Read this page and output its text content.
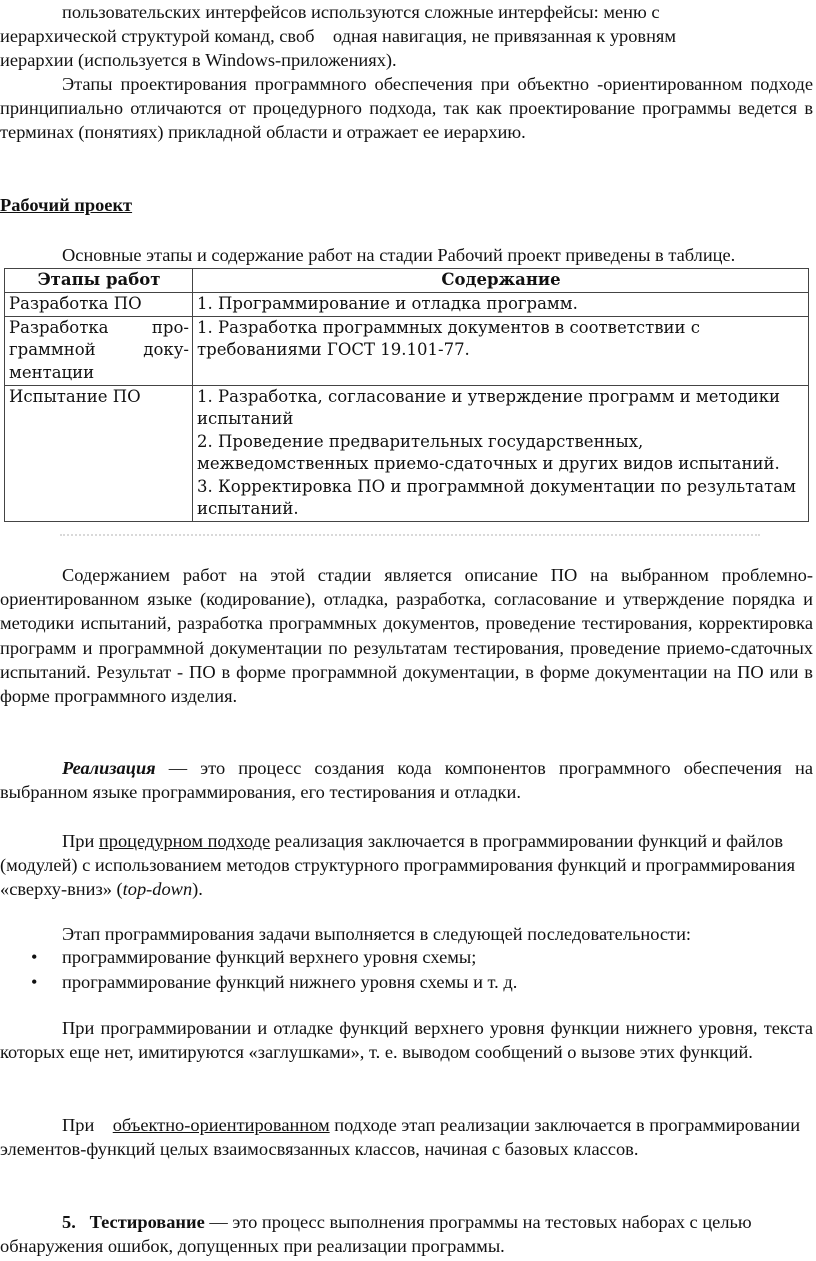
пользовательских интерфейсов используются сложные интерфейсы: меню с
иерархической структурой команд, своб    одная навигация, не привязанная к уровням
иерархии (используется в Windows-приложениях).

Этапы проектирования программного обеспечения при объектно -ориентированном подходе принципиально отличаются от процедурного подхода, так как проектирование программы ведется в терминах (понятиях) прикладной области и отражает ее иерархию.

Рабочий проект

Основные этапы и содержание работ на стадии Рабочий проект приведены в таблице.

Этапы работ	Содержание
Разработка ПО	1. Программирование и отладка программ.

Разработка про-
граммной доку-
ментации	1. Разработка программных документов в соответствии с требованиями ГОСТ 19.101-77.
Испытание ПО	1. Разработка, согласование и утверждение программ и методики испытаний
2. Проведение предварительных государственных, межведомственных приемо-сдаточных и других видов испытаний.
3. Корректировка ПО и программной документации по результатам испытаний.

Содержанием работ на этой стадии является описание ПО на выбранном проблемно-ориентированном языке (кодирование), отладка, разработка, согласование и утверждение порядка и методики испытаний, разработка программных документов, проведение тестирования, корректировка программ и программной документации по результатам тестирования, проведение приемо-сдаточных испытаний. Результат - ПО в форме программной документации, в форме документации на ПО или в форме программного изделия.

Реализация — это процесс создания кода компонентов программного обеспечения на выбранном языке программирования, его тестирования и отладки.

При процедурном подходе реализация заключается в программировании функций и файлов (модулей) с использованием методов структурного программирования функций и программирования «сверху-вниз» (top-down).

Этап программирования задачи выполняется в следующей последовательности:

• программирование функций верхнего уровня схемы;
• программирование функций нижнего уровня схемы и т. д.

При программировании и отладке функций верхнего уровня функции нижнего уровня, текста которых еще нет, имитируются «заглушками», т. е. выводом сообщений о вызове этих функций.

При    объектно-ориентированном подходе этап реализации заключается в программировании элементов-функций целых взаимосвязанных классов, начиная с базовых классов.

5. Тестирование — это процесс выполнения программы на тестовых наборах с целью обнаружения ошибок, допущенных при реализации программы.
